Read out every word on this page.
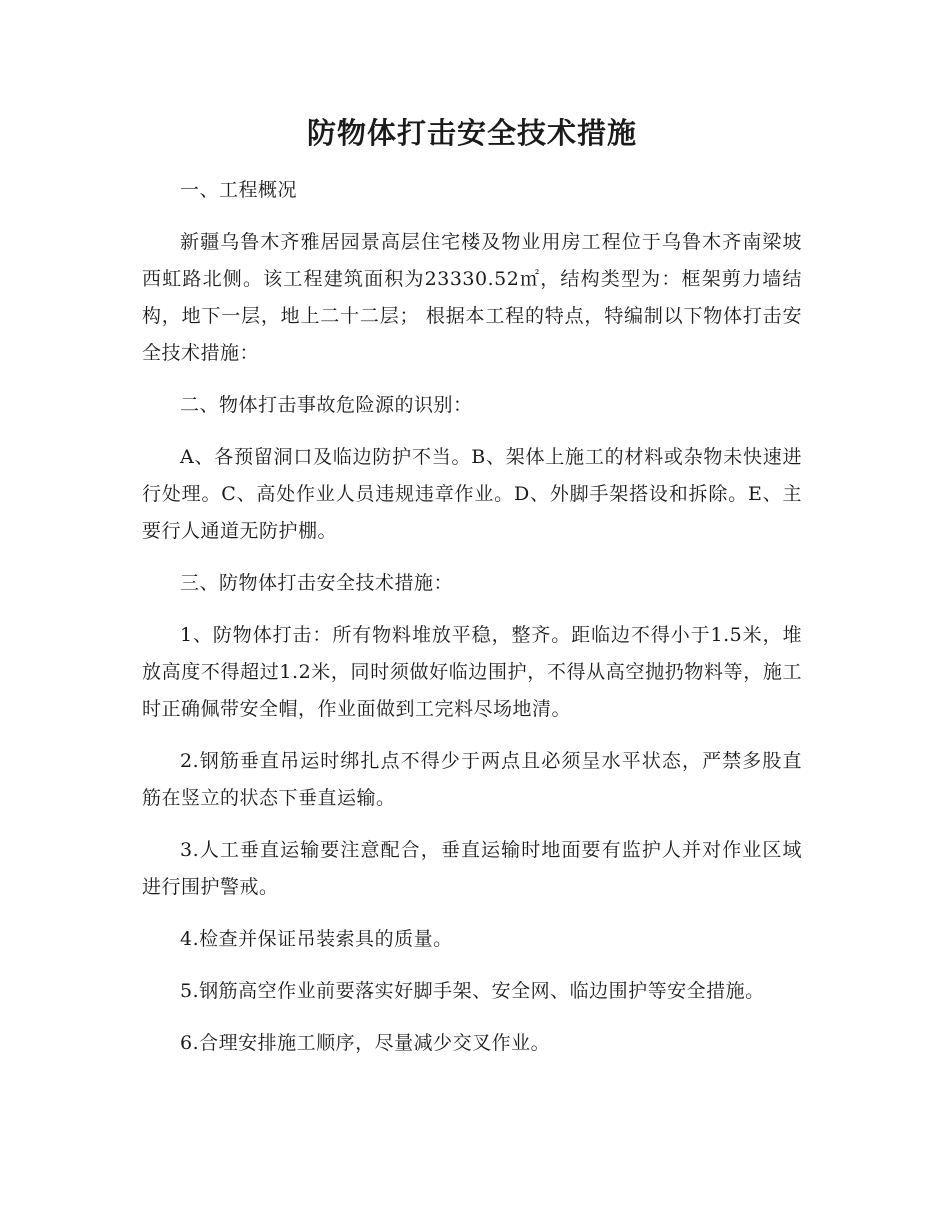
防物体打击安全技术措施

一、工程概况

新疆乌鲁木齐雅居园景高层住宅楼及物业用房工程位于乌鲁木齐南梁坡西虹路北侧。该工程建筑面积为23330.52㎡，结构类型为：框架剪力墙结构，地下一层，地上二十二层； 根据本工程的特点，特编制以下物体打击安全技术措施：

二、物体打击事故危险源的识别：

A、各预留洞口及临边防护不当。B、架体上施工的材料或杂物未快速进行处理。C、高处作业人员违规违章作业。D、外脚手架搭设和拆除。E、主要行人通道无防护棚。

三、防物体打击安全技术措施：

1、防物体打击：所有物料堆放平稳，整齐。距临边不得小于1.5米，堆放高度不得超过1.2米，同时须做好临边围护，不得从高空抛扔物料等，施工时正确佩带安全帽，作业面做到工完料尽场地清。

2.钢筋垂直吊运时绑扎点不得少于两点且必须呈水平状态，严禁多股直筋在竖立的状态下垂直运输。

3.人工垂直运输要注意配合，垂直运输时地面要有监护人并对作业区域进行围护警戒。

4.检查并保证吊装索具的质量。

5.钢筋高空作业前要落实好脚手架、安全网、临边围护等安全措施。

6.合理安排施工顺序，尽量减少交叉作业。
